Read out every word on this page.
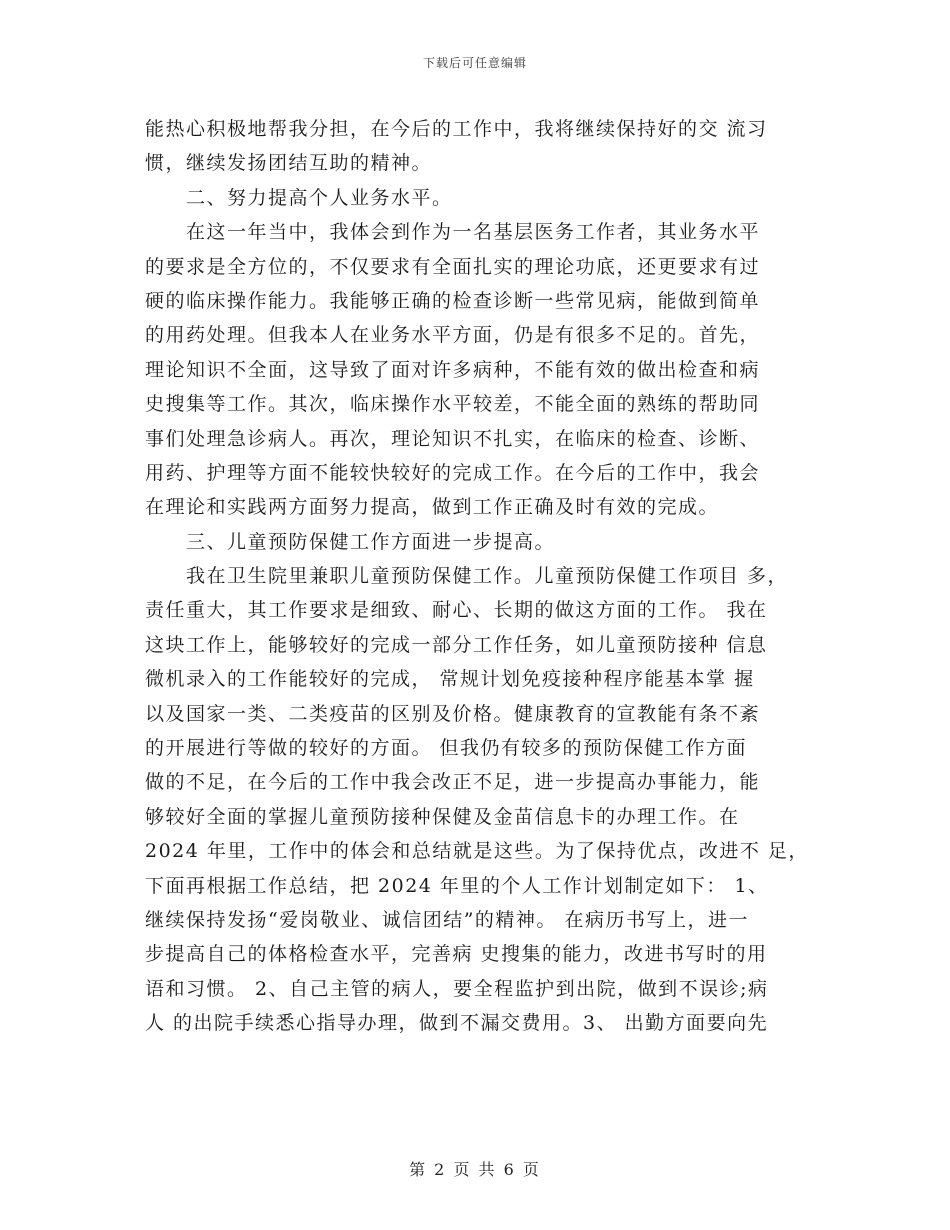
下载后可任意编辑
能热心积极地帮我分担，在今后的工作中，我将继续保持好的交 流习
惯，继续发扬团结互助的精神。
　　二、努力提高个人业务水平。
　　在这一年当中，我体会到作为一名基层医务工作者，其业务水平
的要求是全方位的，不仅要求有全面扎实的理论功底，还更要求有过
硬的临床操作能力。我能够正确的检查诊断一些常见病，能做到简单
的用药处理。但我本人在业务水平方面，仍是有很多不足的。首先，
理论知识不全面，这导致了面对许多病种，不能有效的做出检查和病
史搜集等工作。其次，临床操作水平较差，不能全面的熟练的帮助同
事们处理急诊病人。再次，理论知识不扎实，在临床的检查、诊断、
用药、护理等方面不能较快较好的完成工作。在今后的工作中，我会
在理论和实践两方面努力提高，做到工作正确及时有效的完成。
　　三、儿童预防保健工作方面进一步提高。
　　我在卫生院里兼职儿童预防保健工作。儿童预防保健工作项目 多，
责任重大，其工作要求是细致、耐心、长期的做这方面的工作。 我在
这块工作上，能够较好的完成一部分工作任务，如儿童预防接种 信息
微机录入的工作能较好的完成， 常规计划免疫接种程序能基本掌 握
以及国家一类、二类疫苗的区别及价格。健康教育的宣教能有条不紊
的开展进行等做的较好的方面。 但我仍有较多的预防保健工作方面
做的不足，在今后的工作中我会改正不足，进一步提高办事能力，能
够较好全面的掌握儿童预防接种保健及金苗信息卡的办理工作。在
2024 年里，工作中的体会和总结就是这些。为了保持优点，改进不 足，
下面再根据工作总结，把 2024 年里的个人工作计划制定如下： 1、
继续保持发扬“爱岗敬业、诚信团结”的精神。 在病历书写上，进一
步提高自己的体格检查水平，完善病 史搜集的能力，改进书写时的用
语和习惯。 2、自己主管的病人，要全程监护到出院，做到不误诊;病
人 的出院手续悉心指导办理，做到不漏交费用。3、 出勤方面要向先
第 2 页 共 6 页
